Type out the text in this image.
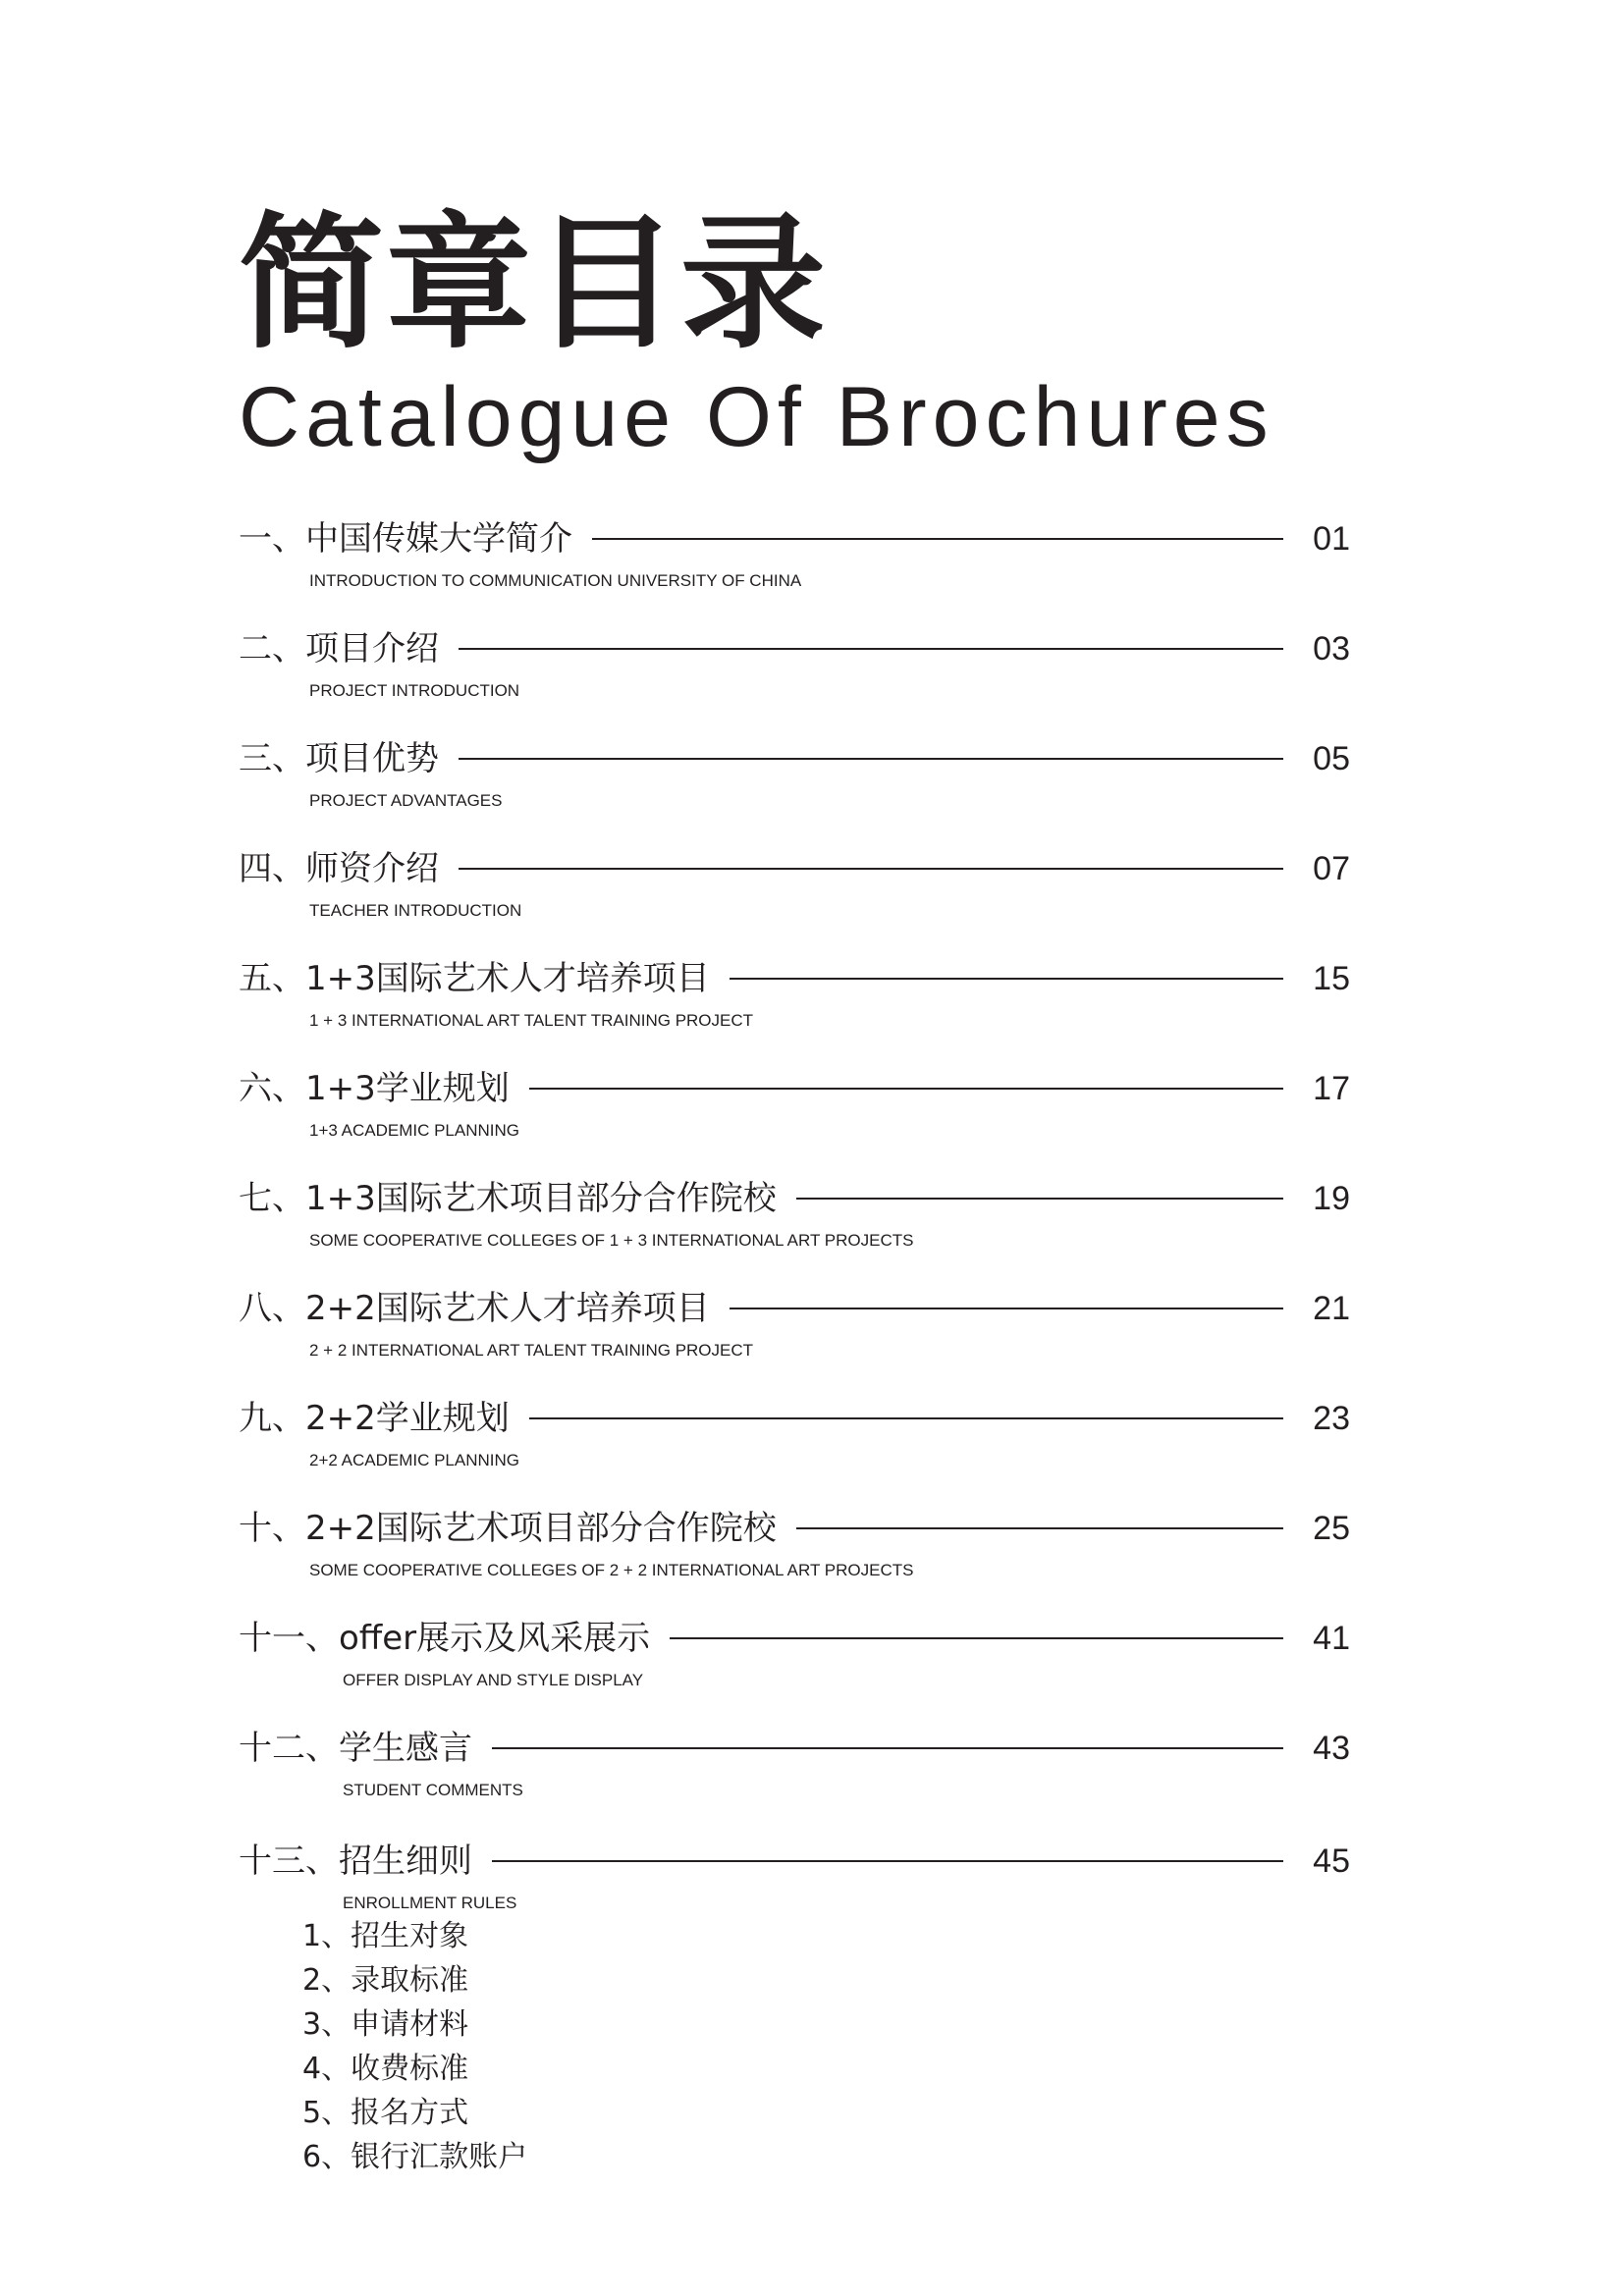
简章目录
Catalogue Of Brochures
一、中国传媒大学简介	01
INTRODUCTION TO COMMUNICATION UNIVERSITY OF CHINA
二、项目介绍	03
PROJECT INTRODUCTION
三、项目优势	05
PROJECT ADVANTAGES
四、师资介绍	07
TEACHER INTRODUCTION
五、1+3国际艺术人才培养项目	15
1 + 3 INTERNATIONAL ART TALENT TRAINING PROJECT
六、1+3学业规划	17
1+3 ACADEMIC PLANNING
七、1+3国际艺术项目部分合作院校	19
SOME COOPERATIVE COLLEGES OF 1 + 3 INTERNATIONAL ART PROJECTS
八、2+2国际艺术人才培养项目	21
2 + 2 INTERNATIONAL ART TALENT TRAINING PROJECT
九、2+2学业规划	23
2+2 ACADEMIC PLANNING
十、2+2国际艺术项目部分合作院校	25
SOME COOPERATIVE COLLEGES OF 2 + 2 INTERNATIONAL ART PROJECTS
十一、offer展示及风采展示	41
OFFER DISPLAY AND STYLE DISPLAY
十二、学生感言	43
STUDENT COMMENTS
十三、招生细则	45
ENROLLMENT RULES
1、招生对象
2、录取标准
3、申请材料
4、收费标准
5、报名方式
6、银行汇款账户
